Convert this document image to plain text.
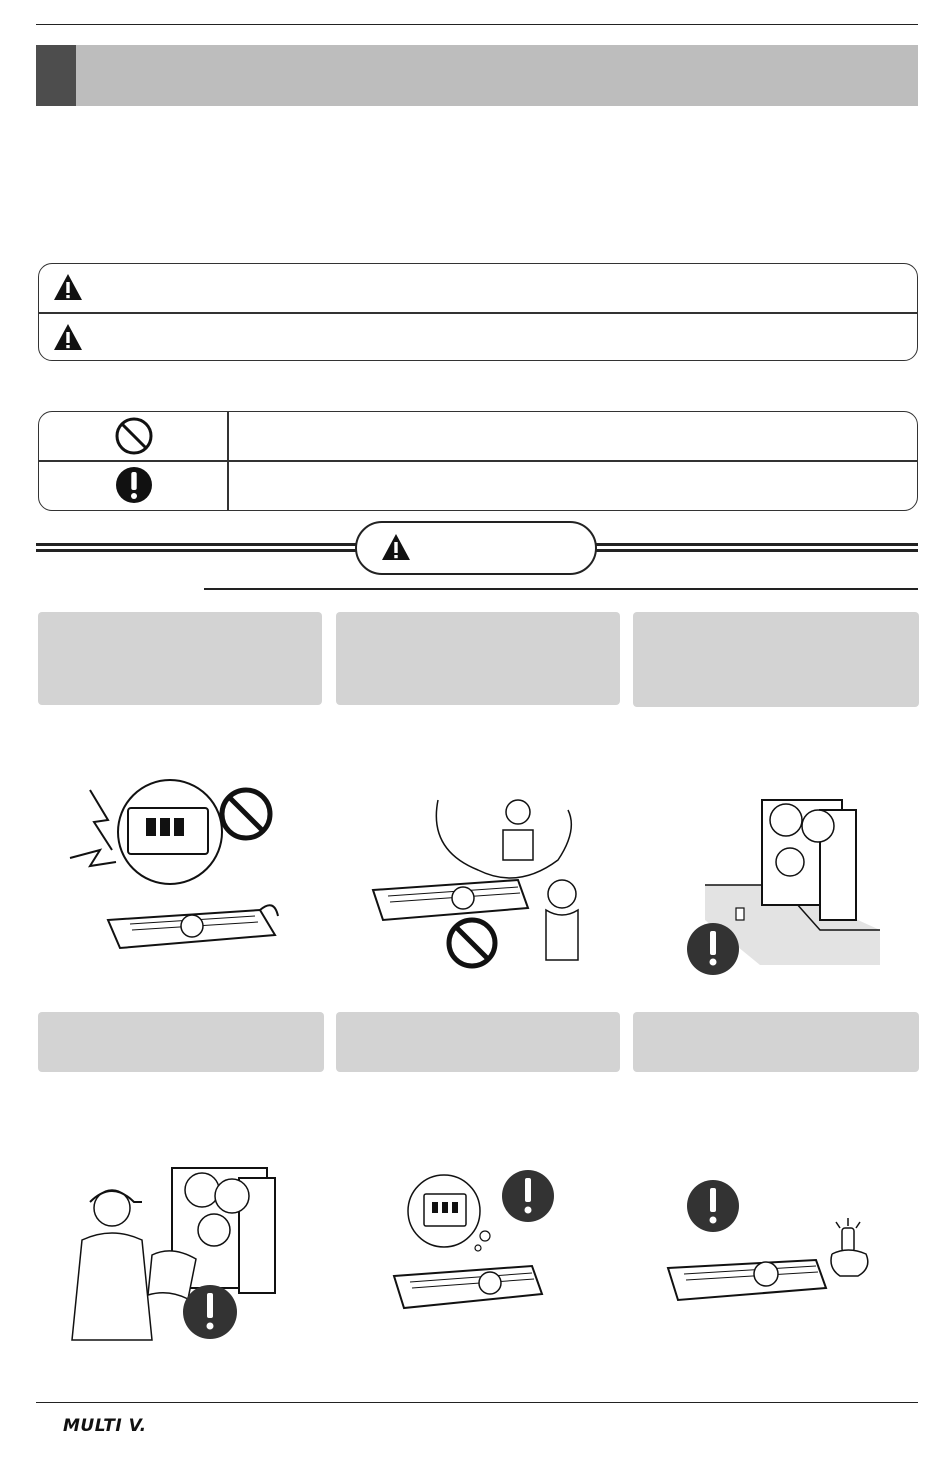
MULTI V.
